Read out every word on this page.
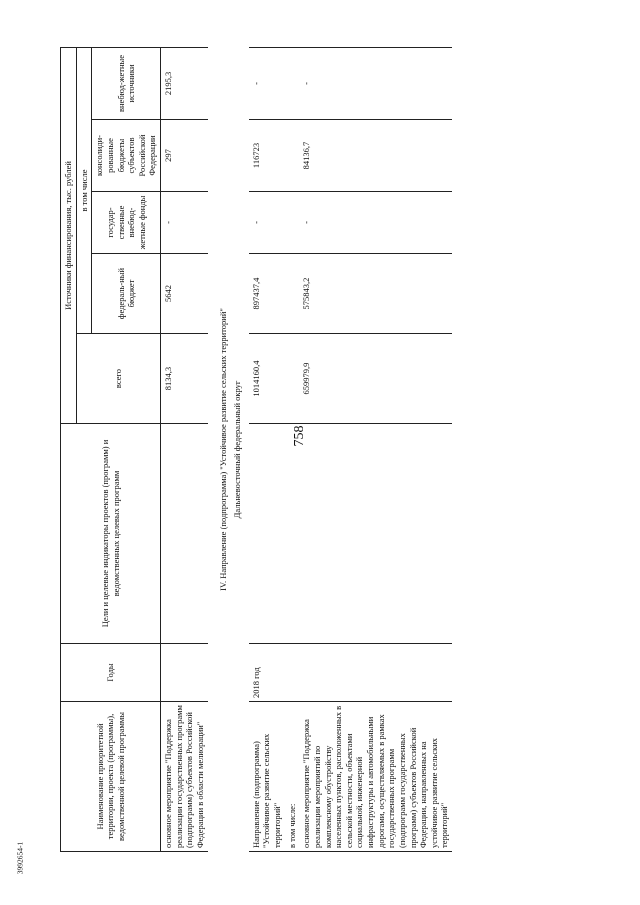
758
3992654-1
Наименование приоритетной территории, проекта (программы), ведомственной целевой программы	Годы	Цели и целевые индикаторы проектов (программ) и ведомственных целевых программ	Источники финансирования, тыс. рублей				
			всего	в том числе			
				федераль-ный бюджет	государ-ственные внебюд-жетные фонды	консолиди-рованные бюджеты субъектов Российской Федерации	внебюд-жетные источники
основное мероприятие "Поддержка реализации государственных программ (подпрограмм) субъектов Российской Федерации в области мелиорации"			8134,3	5642	-	297	2195,3
IV. Направление (подпрограмма) "Устойчивое развитие сельских территорий"							
Дальневосточный федеральный округ							
Направление (подпрограмма) "Устойчивое развитие сельских территорий"	2018 год		1014160,4	897437,4	-	116723	-
в том числе:							
основное мероприятие "Поддержка реализации мероприятий по комплексному обустройству населенных пунктов, расположенных в сельской местности, объектами социальной, инженерной инфраструктуры и автомобильными дорогами, осуществляемых в рамках государственных программ (подпрограмм государственных программ) субъектов Российской Федерации, направленных на устойчивое развитие сельских территорий"			659979,9	575843,2	-	84136,7	-
